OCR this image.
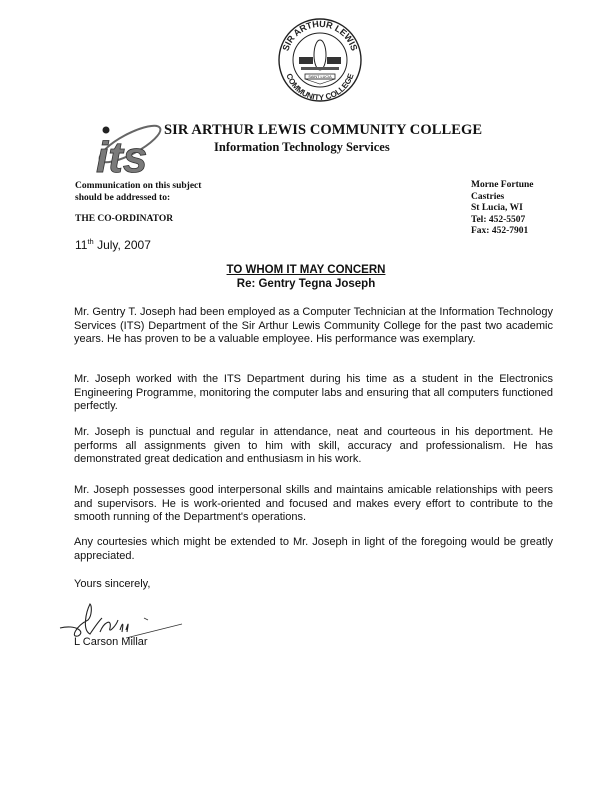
SIR ARTHUR LEWIS
COMMUNITY COLLEGE
SAINT LUCIA
its
SIR ARTHUR LEWIS COMMUNITY COLLEGE
Information Technology Services
Communication on this subject
should be addressed to:
THE CO-ORDINATOR
Morne Fortune
Castries
St Lucia, WI
Tel: 452-5507
Fax: 452-7901
11th July, 2007
TO WHOM IT MAY CONCERN
Re: Gentry Tegna Joseph
Mr. Gentry T. Joseph had been employed as a Computer Technician at the Information Technology Services (ITS) Department of the Sir Arthur Lewis Community College for the past two academic years. He has proven to be a valuable employee. His performance was exemplary.
Mr. Joseph worked with the ITS Department during his time as a student in the Electronics Engineering Programme, monitoring the computer labs and ensuring that all computers functioned perfectly.
Mr. Joseph is punctual and regular in attendance, neat and courteous in his deportment. He performs all assignments given to him with skill, accuracy and professionalism. He has demonstrated great dedication and enthusiasm in his work.
Mr. Joseph possesses good interpersonal skills and maintains amicable relationships with peers and supervisors. He is work-oriented and focused and makes every effort to contribute to the smooth running of the Department's operations.
Any courtesies which might be extended to Mr. Joseph in light of the foregoing would be greatly appreciated.
Yours sincerely,
L Carson Millar
